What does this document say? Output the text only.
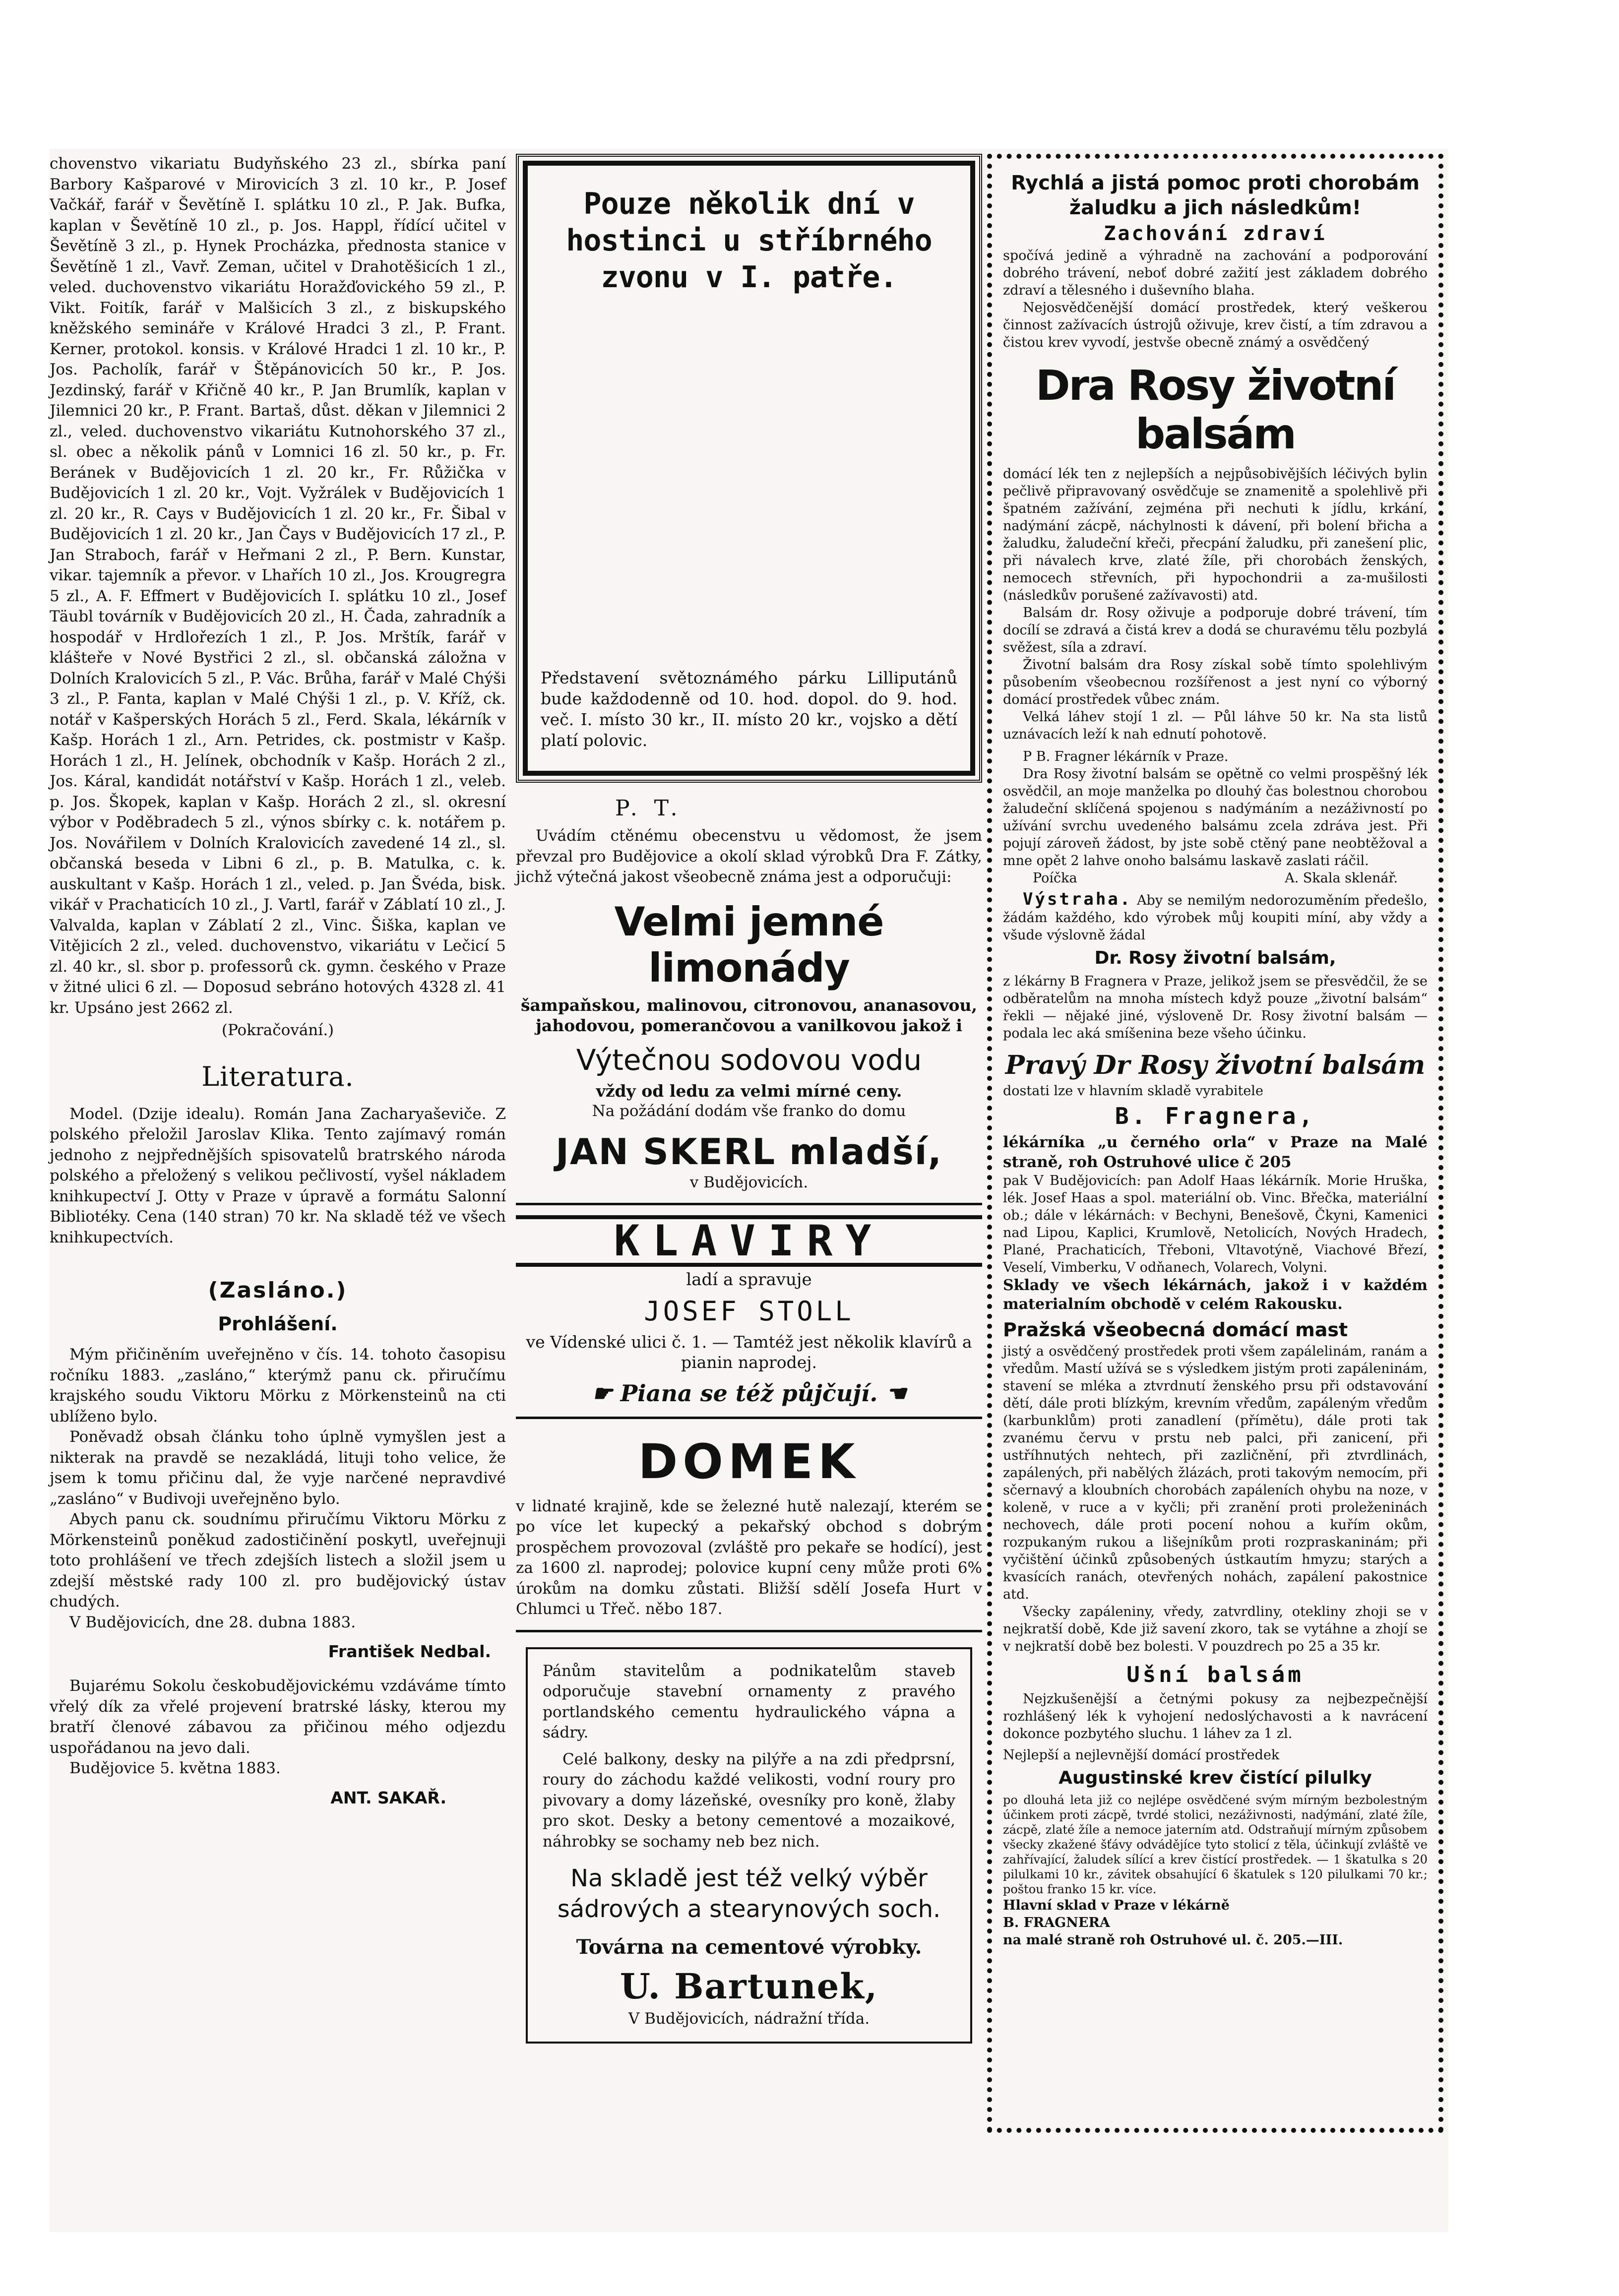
chovenstvo vikariatu Budyňského 23 zl., sbírka paní Barbory Kašparové v Mirovicích 3 zl. 10 kr., P. Josef Vačkář, farář v Ševětíně I. splátku 10 zl., P. Jak. Bufka, kaplan v Ševětíně 10 zl., p. Jos. Happl, řídící učitel v Ševětíně 3 zl., p. Hynek Procházka, přednosta stanice v Ševětíně 1 zl., Vavř. Zeman, učitel v Drahotěšicích 1 zl., veled. duchovenstvo vikariátu Horažďovického 59 zl., P. Vikt. Foitík, farář v Malšicích 3 zl., z biskupského kněžského semináře v Králové Hradci 3 zl., P. Frant. Kerner, protokol. konsis. v Králové Hradci 1 zl. 10 kr., P. Jos. Pacholík, farář v Štěpánovicích 50 kr., P. Jos. Jezdinský, farář v Křičně 40 kr., P. Jan Brumlík, kaplan v Jilemnici 20 kr., P. Frant. Bartaš, důst. děkan v Jilemnici 2 zl., veled. duchovenstvo vikariátu Kutnohorského 37 zl., sl. obec a několik pánů v Lomnici 16 zl. 50 kr., p. Fr. Beránek v Budějovicích 1 zl. 20 kr., Fr. Růžička v Budějovicích 1 zl. 20 kr., Vojt. Vyžrálek v Budějovicích 1 zl. 20 kr., R. Cays v Budějovicích 1 zl. 20 kr., Fr. Šibal v Budějovicích 1 zl. 20 kr., Jan Čays v Budějovicích 17 zl., P. Jan Straboch, farář v Heřmani 2 zl., P. Bern. Kunstar, vikar. tajemník a převor. v Lhařích 10 zl., Jos. Krougregra 5 zl., A. F. Effmert v Budějovicích I. splátku 10 zl., Josef Täubl továrník v Budějovicích 20 zl., H. Čada, zahradník a hospodář v Hrdlořezích 1 zl., P. Jos. Mrštík, farář v klášteře v Nové Bystřici 2 zl., sl. občanská záložna v Dolních Kralovicích 5 zl., P. Vác. Brůha, farář v Malé Chýši 3 zl., P. Fanta, kaplan v Malé Chýši 1 zl., p. V. Kříž, ck. notář v Kašperských Horách 5 zl., Ferd. Skala, lékárník v Kašp. Horách 1 zl., Arn. Petrides, ck. postmistr v Kašp. Horách 1 zl., H. Jelínek, obchodník v Kašp. Horách 2 zl., Jos. Káral, kandidát notářství v Kašp. Horách 1 zl., veleb. p. Jos. Škopek, kaplan v Kašp. Horách 2 zl., sl. okresní výbor v Poděbradech 5 zl., výnos sbírky c. k. notářem p. Jos. Novářilem v Dolních Kralovicích zavedené 14 zl., sl. občanská beseda v Libni 6 zl., p. B. Matulka, c. k. auskultant v Kašp. Horách 1 zl., veled. p. Jan Švéda, bisk. vikář v Prachaticích 10 zl., J. Vartl, farář v Záblatí 10 zl., J. Valvalda, kaplan v Záblatí 2 zl., Vinc. Šiška, kaplan ve Vitějicích 2 zl., veled. duchovenstvo, vikariátu v Lečicí 5 zl. 40 kr., sl. sbor p. professorů ck. gymn. českého v Praze v žitné ulici 6 zl. — Doposud sebráno hotových 4328 zl. 41 kr. Upsáno jest 2662 zl.

(Pokračování.)

Literatura.

Model. (Dzije idealu). Román Jana Zacharyaševiče. Z polského přeložil Jaroslav Klika. Tento zajímavý román jednoho z nejpřednějších spisovatelů bratrského národa polského a přeložený s velikou pečlivostí, vyšel nákladem knihkupectví J. Otty v Praze v úpravě a formátu Salonní Bibliotéky. Cena (140 stran) 70 kr. Na skladě též ve všech knihkupectvích.

(Zasláno.)
Prohlášení.

Mým přičiněním uveřejněno v čís. 14. tohoto časopisu ročníku 1883. „zasláno,“ kterýmž panu ck. přiručímu krajského soudu Viktoru Mörku z Mörkensteinů na cti ublíženo bylo.

Poněvadž obsah článku toho úplně vymyšlen jest a nikterak na pravdě se nezakládá, lituji toho velice, že jsem k tomu přičinu dal, že vyje narčené nepravdivé „zasláno“ v Budivoji uveřejněno bylo.

Abych panu ck. soudnímu přiručímu Viktoru Mörku z Mörkensteinů poněkud zadostičinění poskytl, uveřejnuji toto prohlášení ve třech zdejších listech a složil jsem u zdejší městské rady 100 zl. pro budějovický ústav chudých.

V Budějovicích, dne 28. dubna 1883.

František Nedbal.

Bujarému Sokolu českobudějovickému vzdáváme tímto vřelý dík za vřelé projevení bratrské lásky, kterou my bratří členové zábavou za přičinou mého odjezdu uspořádanou na jevo dali.

Budějovice 5. května 1883.

ANT. SAKAŘ.
Pouze několik dní v hostinci u stříbrného zvonu v I. patře.
Představení světoznámého párku Lilliputánů bude každodenně od 10. hod. dopol. do 9. hod. več. I. místo 30 kr., II. místo 20 kr., vojsko a dětí platí polovic.
P. T.

Uvádím ctěnému obecenstvu u vědomost, že jsem převzal pro Budějovice a okolí sklad výrobků Dra F. Zátky, jichž výtečná jakost všeobecně známa jest a odporučuji:

Velmi jemné limonády

šampaňskou, malinovou, citronovou, ananasovou, jahodovou, pomerančovou a vanilkovou jakož i

Výtečnou sodovou vodu

vždy od ledu za velmi mírné ceny.

Na požádání dodám vše franko do domu

JAN SKERL mladší,

v Budějovicích.

KLAVIRY

ladí a spravuje

JOSEF STOLL

ve Vídenské ulici č. 1. — Tamtéž jest několik klavírů a pianin naprodej.

☛ Piana se též půjčují. ☚
DOMEK

v lidnaté krajině, kde se železné hutě nalezají, kterém se po více let kupecký a pekařský obchod s dobrým prospěchem provozoval (zvláště pro pekaře se hodící), jest za 1600 zl. naprodej; polovice kupní ceny může proti 6% úrokům na domku zůstati. Bližší sdělí Josefa Hurt v Chlumci u Třeč. něbo 187.

Pánům stavitelům a podnikatelům staveb odporučuje stavební ornamenty z pravého portlandského cementu hydraulického vápna a sádry.

Celé balkony, desky na pilýře a na zdi předprsní, roury do záchodu každé velikosti, vodní roury pro pivovary a domy lázeňské, ovesníky pro koně, žlaby pro skot. Desky a betony cementové a mozaikové, náhrobky se sochamy neb bez nich.

Na skladě jest též velký výběr sádrových a stearynových soch.
Továrna na cementové výrobky.
U. Bartunek,

V Budějovicích, nádražní třída.

Rychlá a jistá pomoc proti chorobám žaludku a jich následkům!
Zachování zdraví

spočívá jedině a výhradně na zachování a podporování dobrého trávení, neboť dobré zažití jest základem dobrého zdraví a tělesného i duševního blaha.

Nejosvědčenější domácí prostředek, který veškerou činnost zažívacích ústrojů oživuje, krev čistí, a tím zdravou a čistou krev vyvodí, jestvše obecně známý a osvědčený

Dra Rosy životní balsám

domácí lék ten z nejlepších a nejpůsobivějších léčivých bylin pečlivě připravovaný osvědčuje se znamenitě a spolehlivě při špatném zažívání, zejména při nechuti k jídlu, krkání, nadýmání zácpě, náchylnosti k dávení, při bolení břicha a žaludku, žaludeční křeči, přecpání žaludku, při zanešení plic, při návalech krve, zlaté žíle, při chorobách ženských, nemocech střevních, při hypochondrii a za-mušilosti (následkův porušené zažívavosti) atd.

Balsám dr. Rosy oživuje a podporuje dobré trávení, tím docílí se zdravá a čistá krev a dodá se churavému tělu pozbylá svěžest, síla a zdraví.

Životní balsám dra Rosy získal sobě tímto spolehlivým působením všeobecnou rozšířenost a jest nyní co výborný domácí prostředek vůbec znám.

Velká láhev stojí 1 zl. — Půl láhve 50 kr. Na sta listů uznávacích leží k nah ednutí pohotově.

P B. Fragner lékárník v Praze.

Dra Rosy životní balsám se opětně co velmi prospěšný lék osvědčil, an moje manželka po dlouhý čas bolestnou chorobou žaludeční sklíčená spojenou s nadýmáním a nezáživností po užívání svrchu uvedeného balsámu zcela zdráva jest. Při pojují zároveň žádost, by jste sobě ctěný pane neobtěžoval a mne opět 2 lahve onoho balsámu laskavě zaslati ráčil.

Poíčka	A. Skala sklenář.

Výstraha. Aby se nemilým nedorozuměním předešlo, žádám každého, kdo výrobek můj koupiti míní, aby vždy a všude výslovně žádal

Dr. Rosy životní balsám,

z lékárny B Fragnera v Praze, jelikož jsem se přesvědčil, že se odběratelům na mnoha místech když pouze „životní balsám“ řekli — nějaké jiné, výsloveně Dr. Rosy životní balsám — podala lec aká smíšenina beze všeho účinku.

Pravý Dr Rosy životní balsám

dostati lze v hlavním skladě vyrabitele

B. Fragnera,

lékárníka „u černého orla“ v Praze na Malé straně, roh Ostruhové ulice č 205

pak V Budějovicích: pan Adolf Haas lékárník. Morie Hruška, lék. Josef Haas a spol. materiální ob. Vinc. Břečka, materiální ob.; dále v lékárnách: v Bechyni, Benešově, Čkyni, Kamenici nad Lipou, Kaplici, Krumlově, Netolicích, Nových Hradech, Plané, Prachaticích, Třeboni, Vltavotýně, Viachové Březí, Veselí, Vimberku, V odňanech, Volarech, Volyni.

Sklady ve všech lékárnách, jakož i v každém materialním obchodě v celém Rakousku.

Pražská všeobecná domácí mast

jistý a osvědčený prostředek proti všem zapálelinám, ranám a vředům. Mastí užívá se s výsledkem jistým proti zapáleninám, stavení se mléka a ztvrdnutí ženského prsu při odstavování dětí, dále proti blízkým, krevním vředům, zapáleným vředům (karbunklům) proti zanadlení (přímětu), dále proti tak zvanému červu v prstu neb palci, při zanicení, při ustříhnutých nehtech, při zazličnění, při ztvrdlinách, zapálených, při nabělých žlázách, proti takovým nemocím, při sčernavý a kloubních chorobách zapáleních ohybu na noze, v koleně, v ruce a v kyčli; při zranění proti proleženinách nechovech, dále proti pocení nohou a kuřím okům, rozpukaným rukou a lišejníkům proti rozpraskaninám; při vyčištění účinků způsobených ústkautím hmyzu; starých a kvasících ranách, otevřených nohách, zapálení pakostnice atd.

Všecky zapáleniny, vředy, zatvrdliny, otekliny zhoji se v nejkratší době, Kde již savení zkoro, tak se vytáhne a zhojí se v nejkratší době bez bolesti. V pouzdrech po 25 a 35 kr.

Ušní balsám

Nejzkušenější a četnými pokusy za nejbezpečnější rozhlášený lék k vyhojení nedoslýchavosti a k navrácení dokonce pozbytého sluchu. 1 láhev za 1 zl.

Nejlepší a nejlevnější domácí prostředek

Augustinské krev čistící pilulky

po dlouhá leta již co nejlépe osvědčené svým mírným bezbolestným účinkem proti zácpě, tvrdé stolici, nezáživnosti, nadýmání, zlaté žíle, zácpě, zlaté žíle a nemoce jaterním atd. Odstraňují mírným způsobem všecky zkažené šťávy odvádějíce tyto stolicí z těla, účinkují zvláště ve zahřívající, žaludek sílící a krev čistící prostředek. — 1 škatulka s 20 pilulkami 10 kr., závitek obsahující 6 škatulek s 120 pilulkami 70 kr.; poštou franko 15 kr. více.

Hlavní sklad v Praze v lékárně

B. FRAGNERA

na malé straně roh Ostruhové ul. č. 205.—III.
